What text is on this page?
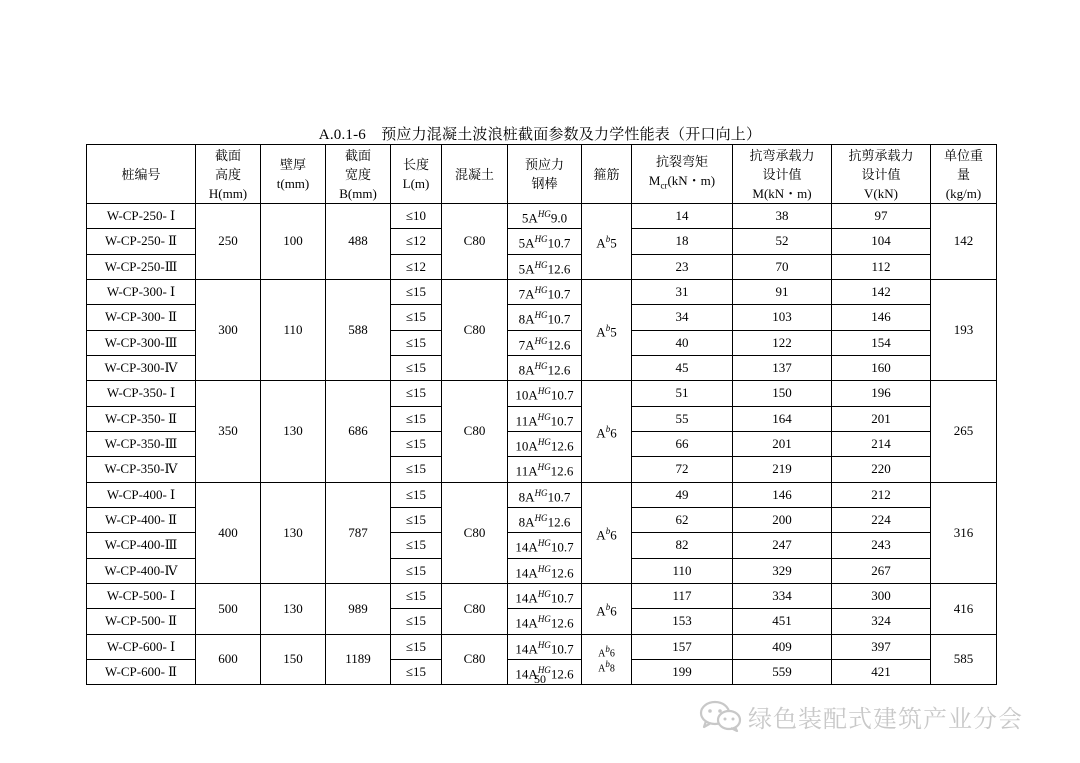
A.0.1-6　预应力混凝土波浪桩截面参数及力学性能表（开口向上）
桩编号	截面
高度
H(mm)	壁厚
t(mm)	截面
宽度
B(mm)	长度
L(m)	混凝土	预应力
钢棒	箍筋	抗裂弯矩
$M_{cr}(kN$・m)	抗弯承载力
设计值
M(kN・m)	抗剪承载力
设计值
V(kN)	单位重
量
(kg/m)
W-CP-250- Ⅰ	250	100	488	≤10	C80	$5A^{HG}9.0$	$A^b5$	14	38	97	142
W-CP-250- Ⅱ				≤12		$5A^{HG}10.7$		18	52	104	
W-CP-250-Ⅲ				≤12		$5A^{HG}12.6$		23	70	112	
W-CP-300- Ⅰ	300	110	588	≤15	C80	$7A^{HG}10.7$	$A^b5$	31	91	142	193
W-CP-300- Ⅱ				≤15		$8A^{HG}10.7$		34	103	146	
W-CP-300-Ⅲ				≤15		$7A^{HG}12.6$		40	122	154	
W-CP-300-Ⅳ				≤15		$8A^{HG}12.6$		45	137	160	
W-CP-350- Ⅰ	350	130	686	≤15	C80	$10A^{HG}10.7$	$A^b6$	51	150	196	265
W-CP-350- Ⅱ				≤15		$11A^{HG}10.7$		55	164	201	
W-CP-350-Ⅲ				≤15		$10A^{HG}12.6$		66	201	214	
W-CP-350-Ⅳ				≤15		$11A^{HG}12.6$		72	219	220	
W-CP-400- Ⅰ	400	130	787	≤15	C80	$8A^{HG}10.7$	$A^b6$	49	146	212	316
W-CP-400- Ⅱ				≤15		$8A^{HG}12.6$		62	200	224	
W-CP-400-Ⅲ				≤15		$14A^{HG}10.7$		82	247	243	
W-CP-400-Ⅳ				≤15		$14A^{HG}12.6$		110	329	267	
W-CP-500- Ⅰ	500	130	989	≤15	C80	$14A^{HG}10.7$	$A^b6$	117	334	300	416
W-CP-500- Ⅱ				≤15		$14A^{HG}12.6$		153	451	324	
W-CP-600- Ⅰ	600	150	1189	≤15	C80	$14A^{HG}10.7$	$A^b6$	157	409	397	585
W-CP-600- Ⅱ				≤15		$14A^{HG}12.6$	$A^b8$	199	559	421	
50
绿色装配式建筑产业分会
